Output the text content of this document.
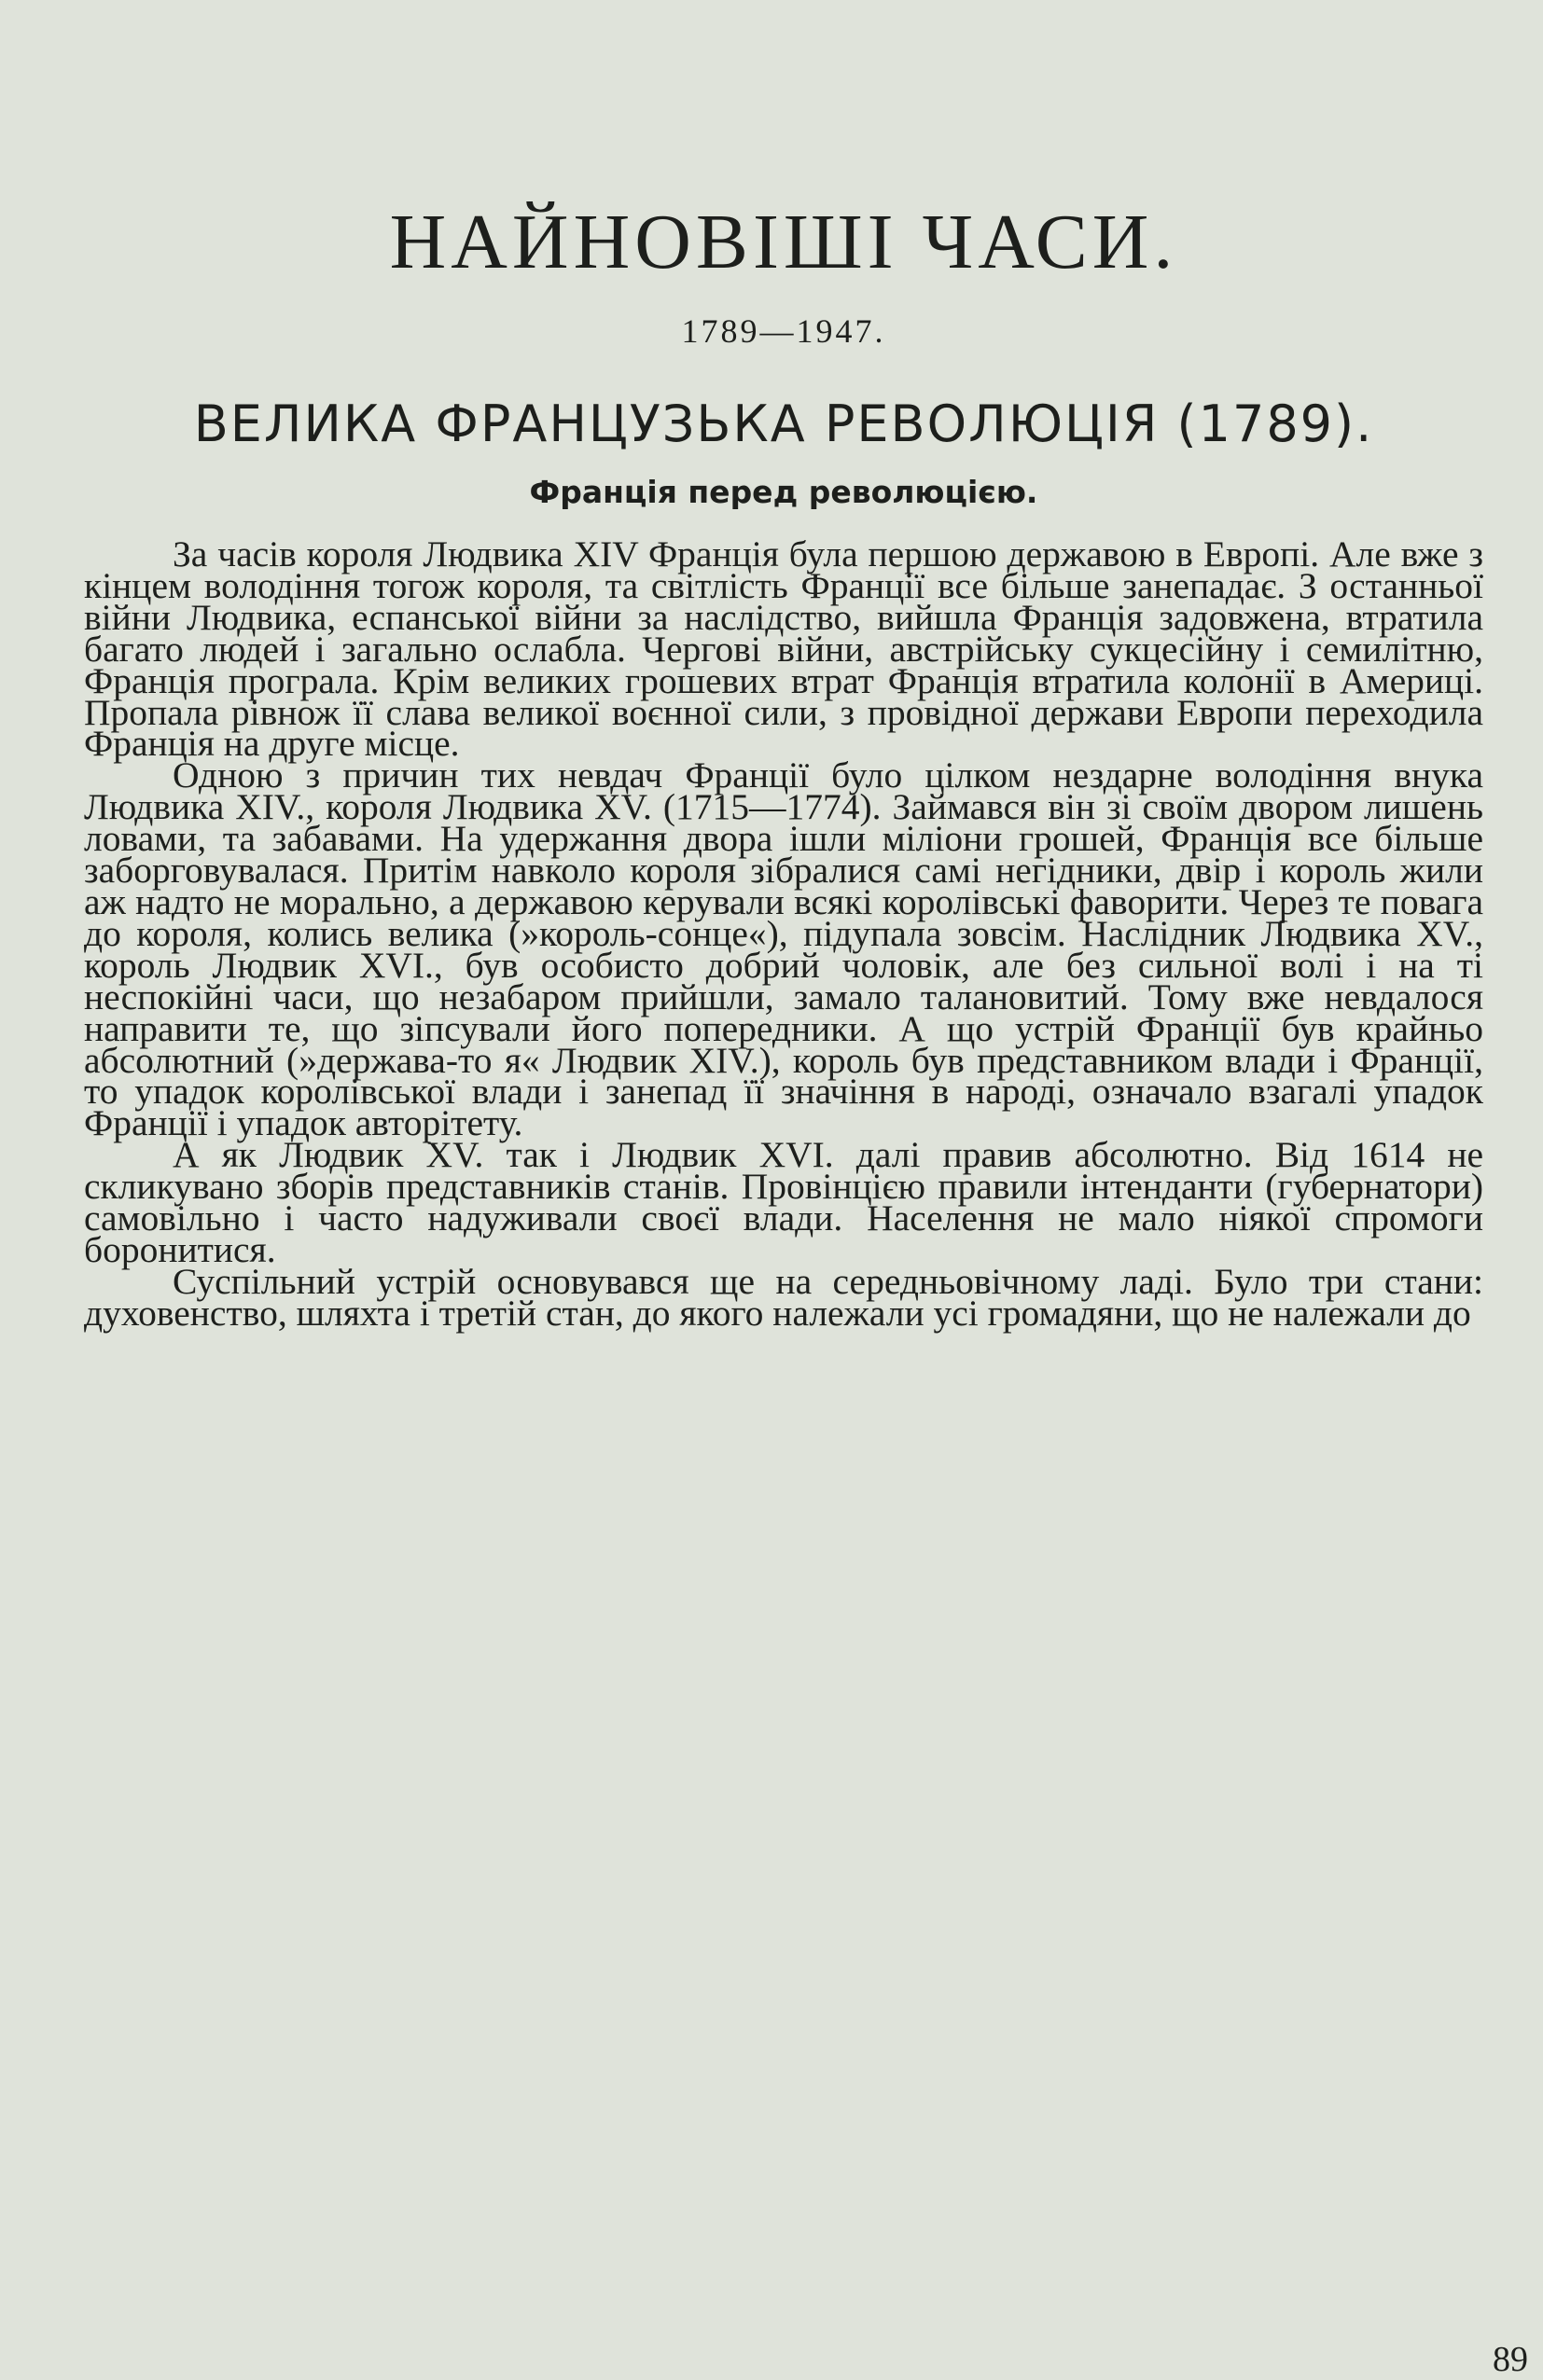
НАЙНОВІШІ ЧАСИ.
1789—1947.
ВЕЛИКА ФРАНЦУЗЬКА РЕВОЛЮЦІЯ (1789).
Франція перед революцією.

За часів короля Людвика XIV Франція була першою державою в Европі. Але вже з кінцем володіння тогож короля, та світлість Франції все більше занепадає. З останньої війни Людвика, еспанської війни за наслідство, вийшла Франція задовжена, втратила багато людей і загально ослабла. Чергові війни, австрійську сукцесійну і семилітню, Франція програла. Крім великих грошевих втрат Франція втратила колонії в Америці. Пропала рівнож її слава великої воєнної сили, з провідної держави Европи переходила Франція на друге місце.

Одною з причин тих невдач Франції було цілком нездарне володіння внука Людвика XIV., короля Людвика XV. (1715—1774). Займався він зі своїм двором лишень ловами, та забавами. На удержання двора ішли міліони грошей, Франція все більше заборговувалася. Притім навколо короля зібралися самі негідники, двір і король жили аж надто не морально, а державою керували всякі королівські фаворити. Через те повага до короля, колись велика (»король-сонце«), підупала зовсім. Наслідник Людвика XV., король Людвик XVI., був особисто добрий чоловік, але без сильної волі і на ті неспокійні часи, що незабаром прийшли, замало талановитий. Тому вже невдалося направити те, що зіпсували його попередники. А що устрій Франції був крайньо абсолютний (»держава-то я« Людвик XIV.), король був представником влади і Франції, то упадок королівської влади і занепад її значіння в народі, означало взагалі упадок Франції і упадок авторітету.

А як Людвик XV. так і Людвик XVI. далі правив абсолютно. Від 1614 не скликувано зборів представників станів. Провінцією правили інтенданти (губернатори) самовільно і часто надуживали своєї влади. Населення не мало ніякої спромоги боронитися.

Суспільний устрій основувався ще на середньовічному ладі. Було три стани: духовенство, шляхта і третій стан, до якого належали усі громадяни, що не належали до

89
